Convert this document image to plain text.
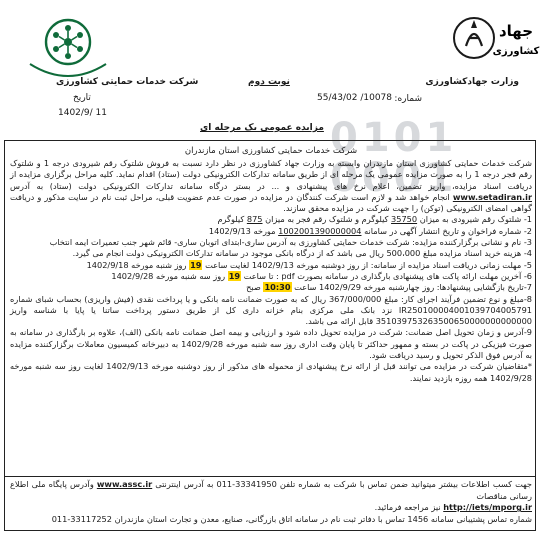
0101
0001
جهاد
کشاورزی
وزارت جهادکشاورزی
شماره:
55/43/02 /10078
نوبت دوم
شرکت خدمات حمایتی کشاورزی
تاریخ
1402/9/ 11
مزایده عمومی یک مرحله ای
شرکت خدمات حمایتی کشاورزی استان مازندران

شرکت خدمات حمایتی کشاورزی استان مازندران وابسته به وزارت جهاد کشاورزی در نظر دارد نسبت به فروش شلتوک رقم شیرودی درجه 1 و شلتوک رقم فجر درجه 1 را به صورت مزایده عمومی یک مرحله ای از طریق سامانه تدارکات الکترونیکی دولت (ستاد) اقدام نماید. کلیه مراحل برگزاری مزایده از دریافت اسناد مزایده، واریز تضمین، اعلام نرخ های پیشنهادی و ... در بستر درگاه سامانه تدارکات الکترونیکی دولت (ستاد) به آدرس www.setadiran.ir انجام خواهد شد و لازم است شرکت کنندگان در مزایده در صورت عدم عضویت قبلی، مراحل ثبت نام در سایت مذکور و دریافت گواهی امضای الکترونیکی (توکن) را جهت شرکت در مزایده محقق سازند.

1- شلتوک رقم شیرودی به میزان 35750 کیلوگرم و شلتوک رقم فجر به میزان 875 کیلوگرم

2- شماره فراخوان و تاریخ انتشار آگهی در سامانه 1002001390000004 مورخه 1402/9/13

3- نام و نشانی برگزارکننده مزایده: شرکت خدمات حمایتی کشاورزی به آدرس ساری-ابتدای اتوبان ساری- قائم شهر جنب تعمیرات ایمه انتخاب

4- هزینه خرید اسناد مزایده مبلغ 500،000 ریال می باشد که از درگاه بانکی موجود در سامانه تدارکات الکترونیکی دولت انجام می گیرد.

5- مهلت زمانی دریافت اسناد مزایده از سامانه: از روز دوشنبه مورخه 1402/9/13 لغایت ساعت 19 روز شنبه مورخه 1402/9/18

6- آخرین مهلت ارائه پاکت های پیشنهادی بارگذاری در سامانه بصورت pdf : تا ساعت 19 روز سه شنبه مورخه 1402/9/28

7-تاریخ بازگشایی پیشنهادها: روز چهارشنبه مورخه 1402/9/29 ساعت 10:30 صبح

8-مبلغ و نوع تضمین فرآیند اجرای کار: مبلغ 367/000/000 ریال که به صورت ضمانت نامه بانکی و یا پرداخت نقدی (فیش واریزی) بحساب شبای شماره IR250100004001039704005791 نزد بانک ملی مرکزی بنام خزانه داری کل از طریق دستور پرداخت ساتنا یا پایا با شناسه واریز 351039753263500650000000000000 قابل ارائه می باشد.

9-آدرس و زمان تحویل اصل ضمانت: شرکت در مزایده تحویل داده شود و ارزیابی و بیمه اصل ضمانت نامه بانکی (الف)، علاوه بر بارگذاری در سامانه به صورت فیزیکی در پاکت در بسته و ممهور حداکثر تا پایان وقت اداری روز سه شنبه مورخه 1402/9/28 به دبیرخانه کمیسیون معاملات برگزارکننده مزایده به آدرس فوق الذکر تحویل و رسید دریافت شود.

*متقاضیان شرکت در مزایده می توانند قبل از ارائه نرخ پیشنهادی از محموله های مذکور از روز دوشنبه مورخه 1402/9/13 لغایت روز سه شنبه مورخه 1402/9/28 همه روزه بازدید نمایند.

جهت کسب اطلاعات بیشتر میتوانید ضمن تماس با شرکت به شماره تلفن 33341950-011 به آدرس اینترنتی www.assc.ir وآدرس پایگاه ملی اطلاع رسانی مناقصات

http://iets/mporg.ir نیز مراجعه فرمائید.

شماره تماس پشتیبانی سامانه 1456 تماس با دفاتر ثبت نام در سامانه اتاق بازرگانی، صنایع، معدن و تجارت استان مازندران 33117252-011
